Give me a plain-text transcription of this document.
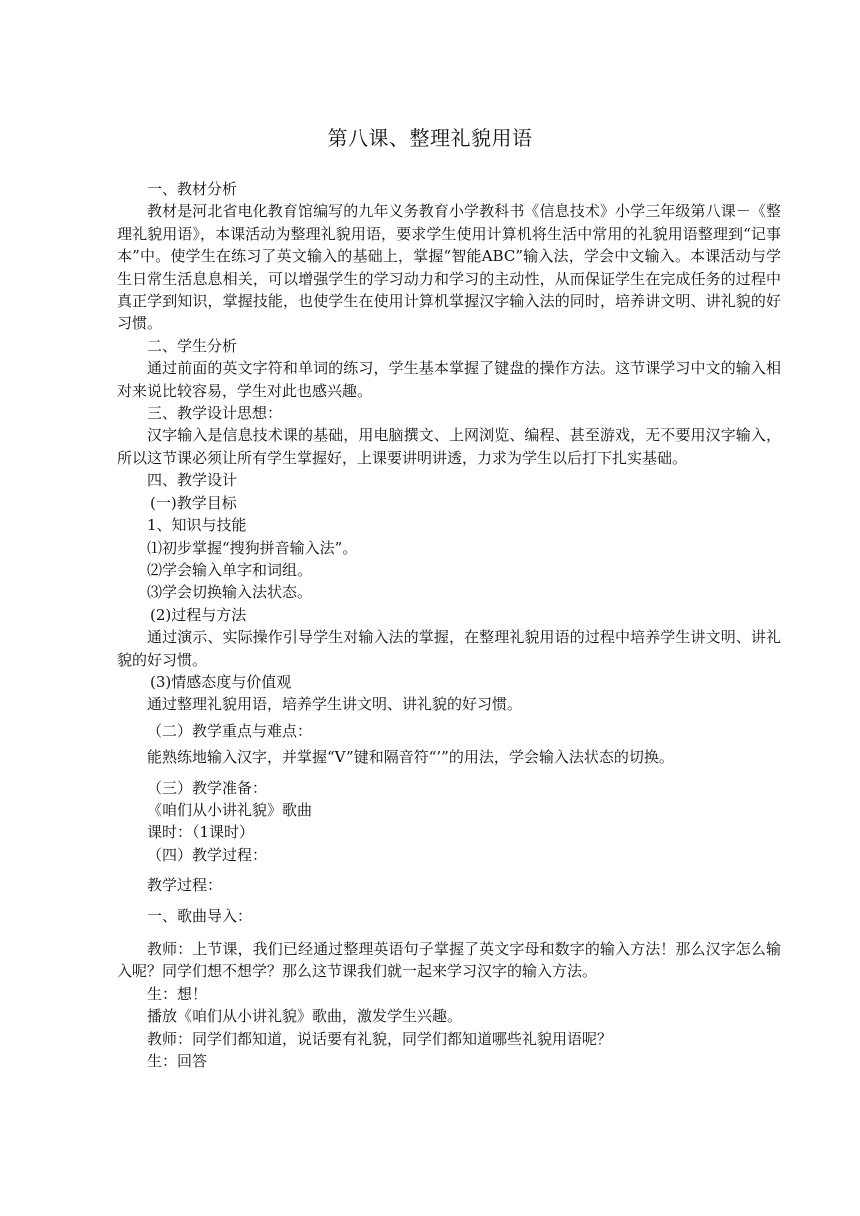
第八课、整理礼貌用语

一、教材分析

教材是河北省电化教育馆编写的九年义务教育小学教科书《信息技术》小学三年级第八课－《整理礼貌用语》，本课活动为整理礼貌用语，要求学生使用计算机将生活中常用的礼貌用语整理到“记事本”中。使学生在练习了英文输入的基础上，掌握“智能ABC”输入法，学会中文输入。本课活动与学生日常生活息息相关，可以增强学生的学习动力和学习的主动性，从而保证学生在完成任务的过程中真正学到知识，掌握技能，也使学生在使用计算机掌握汉字输入法的同时，培养讲文明、讲礼貌的好习惯。

二、学生分析

通过前面的英文字符和单词的练习，学生基本掌握了键盘的操作方法。这节课学习中文的输入相对来说比较容易，学生对此也感兴趣。

三、教学设计思想：

汉字输入是信息技术课的基础，用电脑撰文、上网浏览、编程、甚至游戏，无不要用汉字输入，所以这节课必须让所有学生掌握好，上课要讲明讲透，力求为学生以后打下扎实基础。

四、教学设计

(一)教学目标

1、知识与技能

⑴初步掌握“搜狗拼音输入法”。

⑵学会输入单字和词组。

⑶学会切换输入法状态。

(2)过程与方法

通过演示、实际操作引导学生对输入法的掌握，在整理礼貌用语的过程中培养学生讲文明、讲礼貌的好习惯。

(3)情感态度与价值观

通过整理礼貌用语，培养学生讲文明、讲礼貌的好习惯。

（二）教学重点与难点：

能熟练地输入汉字，并掌握“V”键和隔音符“’”的用法，学会输入法状态的切换。

（三）教学准备：

《咱们从小讲礼貌》歌曲

课时：（1课时）

（四）教学过程：

教学过程：

一、歌曲导入：

教师：上节课，我们已经通过整理英语句子掌握了英文字母和数字的输入方法！那么汉字怎么输入呢？同学们想不想学？那么这节课我们就一起来学习汉字的输入方法。

生：想！

播放《咱们从小讲礼貌》歌曲，激发学生兴趣。

教师：同学们都知道，说话要有礼貌，同学们都知道哪些礼貌用语呢？

生：回答
